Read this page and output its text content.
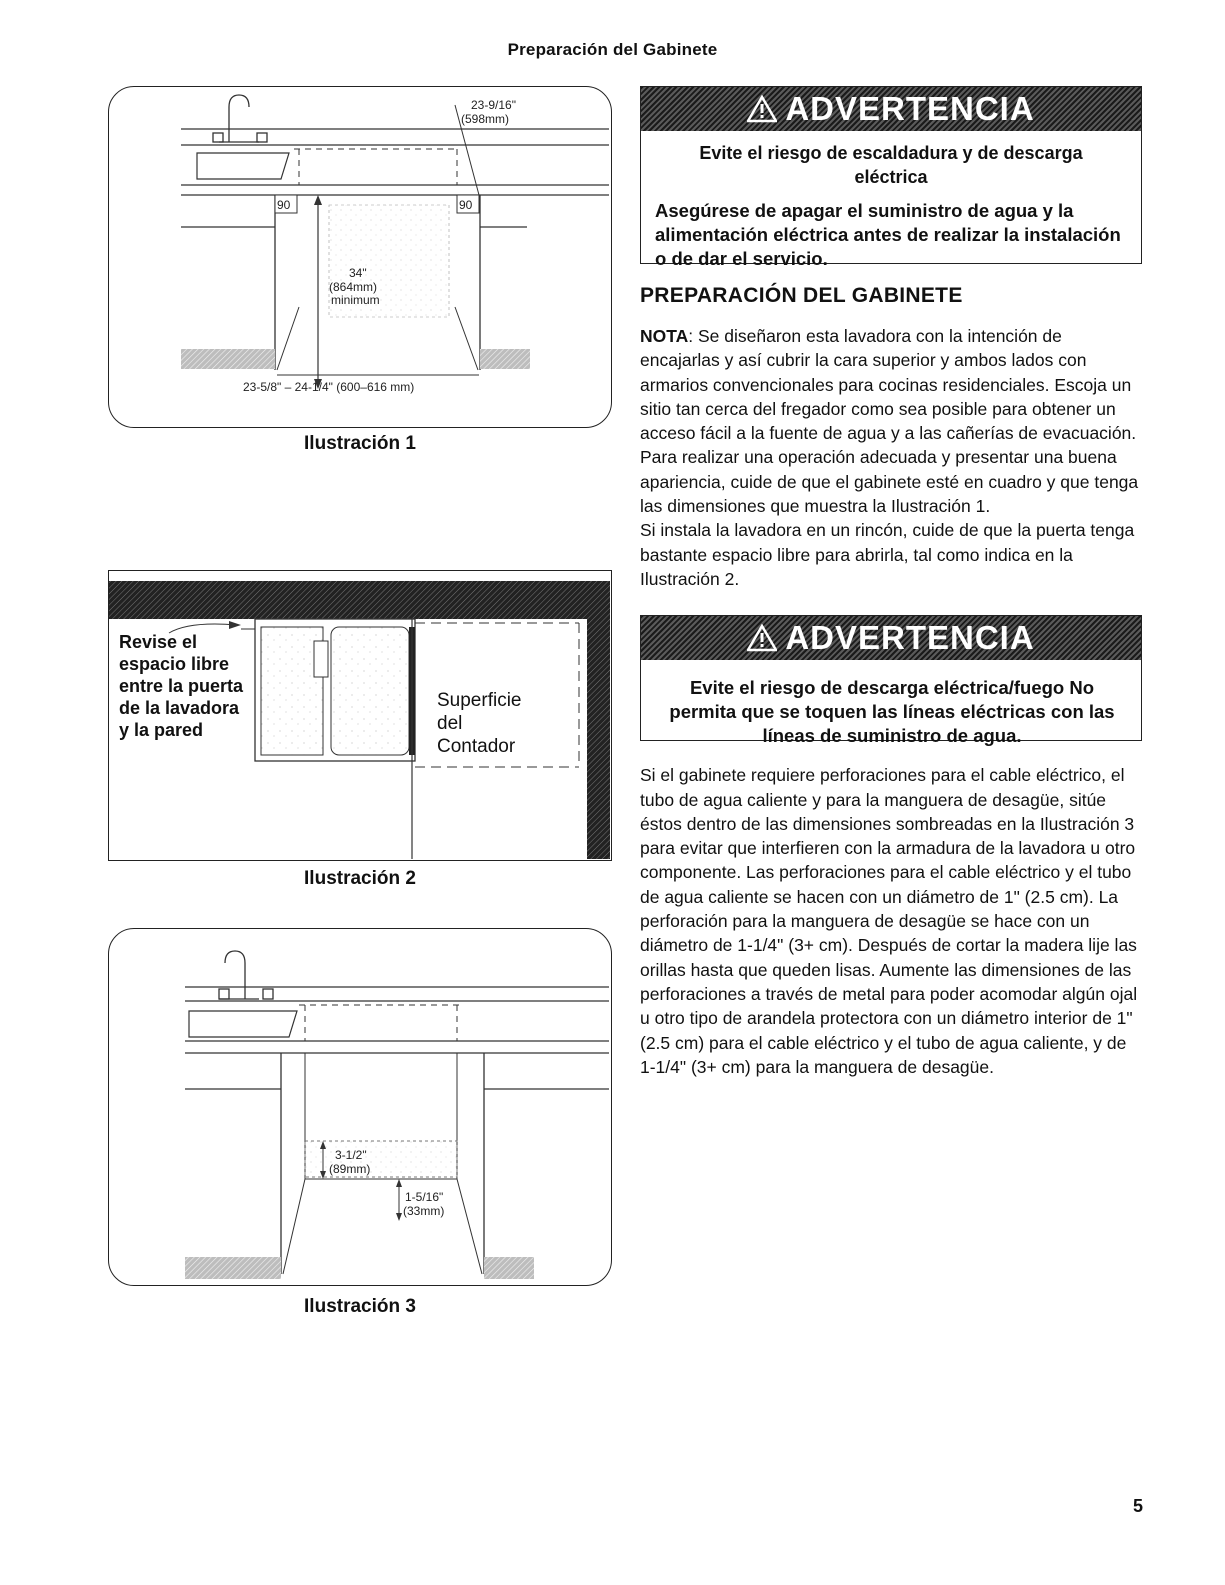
Preparación del Gabinete
90	90
23-9/16"
(598mm)
34"
(864mm)
minimum
23-5/8" – 24-1/4" (600–616 mm)
Ilustración 1
Revise el
espacio libre
entre la puerta
de la lavadora
y la pared
Superficie
del
Contador
Ilustración 2
3-1/2"
(89mm)
1-5/16"
(33mm)
Ilustración 3
ADVERTENCIA
Evite el riesgo de escaldadura y de descarga eléctrica
Asegúrese de apagar el suministro de agua y la alimentación eléctrica antes de realizar la instalación o de dar el servicio.
PREPARACIÓN DEL GABINETE

NOTA: Se diseñaron esta lavadora con la intención de encajarlas y así cubrir la cara superior y ambos lados con armarios convencionales para cocinas residenciales. Escoja un sitio tan cerca del fregador como sea posible para obtener un acceso fácil a la fuente de agua y a las cañerías de evacuación.

Para realizar una operación adecuada y presentar una buena apariencia, cuide de que el gabinete esté en cuadro y que tenga las dimensiones que muestra la Ilustración 1.

Si instala la lavadora en un rincón, cuide de que la puerta tenga bastante espacio libre para abrirla, tal como indica en la Ilustración 2.

ADVERTENCIA
Evite el riesgo de descarga eléctrica/fuego No permita que se toquen las líneas eléctricas con las líneas de suministro de agua.

Si el gabinete requiere perforaciones para el cable eléctrico, el tubo de agua caliente y para la manguera de desagüe, sitúe éstos dentro de las dimensiones sombreadas en la Ilustración 3 para evitar que interfieren con la armadura de la lavadora u otro componente. Las perforaciones para el cable eléctrico y el tubo de agua caliente se hacen con un diámetro de 1" (2.5 cm). La perforación para la manguera de desagüe se hace con un diámetro de 1-1/4" (3+ cm). Después de cortar la madera lije las orillas hasta que queden lisas. Aumente las dimensiones de las perforaciones a través de metal para poder acomodar algún ojal u otro tipo de arandela protectora con un diámetro interior de 1" (2.5 cm) para el cable eléctrico y el tubo de agua caliente, y de 1-1/4" (3+ cm) para la manguera de desagüe.

5
